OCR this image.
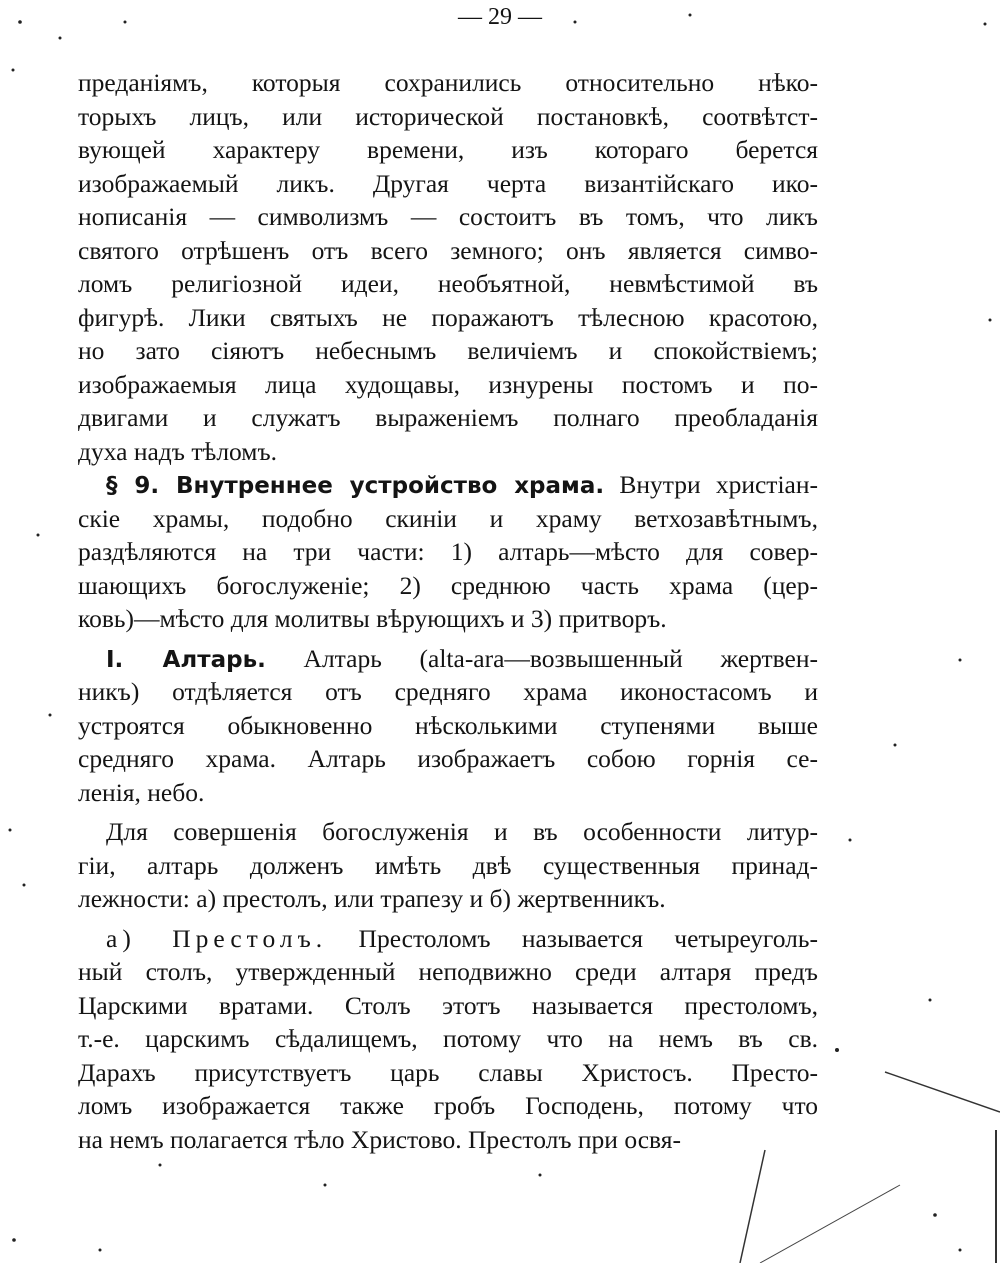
— 29 —
преданіямъ, которыя сохранились относительно нѣко-
торыхъ лицъ, или исторической постановкѣ, соотвѣтст-
вующей характеру времени, изъ котораго берется
изображаемый ликъ. Другая черта византійскаго ико-
нописанія — символизмъ — состоитъ въ томъ, что ликъ
святого отрѣшенъ отъ всего земного; онъ является симво-
ломъ религіозной идеи, необъятной, невмѣстимой въ
фигурѣ. Лики святыхъ не поражаютъ тѣлесною красотою,
но зато сіяютъ небеснымъ величіемъ и спокойствіемъ;
изображаемыя лица худощавы, изнурены постомъ и по-
двигами и служатъ выраженіемъ полнаго преобладанія
духа надъ тѣломъ.
§ 9. Внутреннее устройство храма. Внутри христіан-
скіе храмы, подобно скиніи и храму ветхозавѣтнымъ,
раздѣляются на три части: 1) алтарь—мѣсто для совер-
шающихъ богослуженіе; 2) среднюю часть храма (цер-
ковь)—мѣсто для молитвы вѣрующихъ и 3) притворъ.
I. Алтарь. Алтарь (alta-ara—возвышенный жертвен-
никъ) отдѣляется отъ средняго храма иконостасомъ и
устроятся обыкновенно нѣсколькими ступенями выше
средняго храма. Алтарь изображаетъ собою горнія се-
ленія, небо.
Для совершенія богослуженія и въ особенности литур-
гіи, алтарь долженъ имѣть двѣ существенныя принад-
лежности: а) престолъ, или трапезу и б) жертвенникъ.
а) Престолъ. Престоломъ называется четыреуголь-
ный столъ, утвержденный неподвижно среди алтаря предъ
Царскими вратами. Столъ этотъ называется престоломъ,
т.-е. царскимъ сѣдалищемъ, потому что на немъ въ св.
Дарахъ присутствуетъ царь славы Христосъ. Престо-
ломъ изображается также гробъ Господень, потому что
на немъ полагается тѣло Христово. Престолъ при освя-
